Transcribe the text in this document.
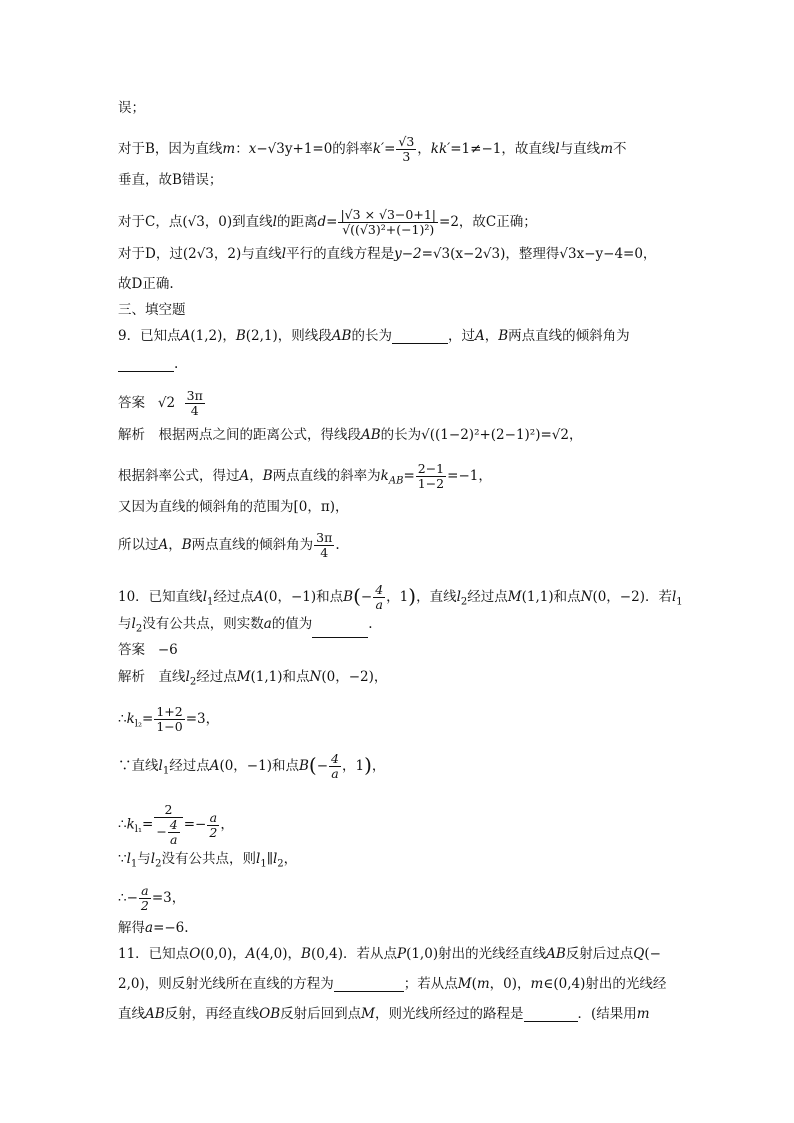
误；
对于B，因为直线m：x−√3y+1=0的斜率$k'= \frac{√3}{3}$ ，kk′=1≠−1，故直线l与直线m不
垂直，故B错误；
对于C，点(√3，0)到直线l的距离$d= \frac{|√3 \times √3-0+1|}{\text{√((√3)²+(−1)²)}} =2$，故C正确；
对于D，过(2√3，2)与直线l平行的直线方程是y−2=√3(x−2√3)，整理得√3x−y−4=0，
故D正确.
三、填空题
9．已知点A(1,2)，B(2,1)，则线段AB的长为	，过A，B两点直线的倾斜角为
.
答案 $√2 \frac{3\pi}{4}$
解析　根据两点之间的距离公式，得线段AB的长为√((1−2)²+(2−1)²)=√2，
根据斜率公式，得过A，B两点直线的斜率为$k_{AB}= \frac{2-1}{1-2} =-1$，
又因为直线的倾斜角的范围为[0，π)，
所以过A，B两点直线的倾斜角为 $\frac{3\pi}{4}$ .
10．已知直线$l_1$经过点A(0，−1)和点$B(- \frac{4}{a}$ ，1)，直线$l_2$经过点M(1,1)和点N(0，−2)．若$l_1$
与$l_2$没有公共点，则实数a的值为	.
答案 −6
解析　直线$l_2$经过点M(1,1)和点N(0，−2)，
$\therefore k_{l_2}= \frac{1+2}{1-0} =3$，
∵直线$l_1$经过点A(0，−1)和点$B(- \frac{4}{a}$ ，1)，
$\therefore k_{l_1}= \frac{2}{- \frac{4}{a}} =- \frac{a}{2}$ ，
$\because l_1$与$l_2$没有公共点，则$l_1\parallel l_2$，
∴− $\frac{a}{2} =3$，
解得a=−6.
11．已知点O(0,0)，A(4,0)，B(0,4)．若从点P(1,0)射出的光线经直线AB反射后过点Q(−
2,0)，则反射光线所在直线的方程为	；若从点M(m，0)，m∈(0,4)射出的光线经
直线AB反射，再经直线OB反射后回到点M，则光线所经过的路程是	．(结果用m
